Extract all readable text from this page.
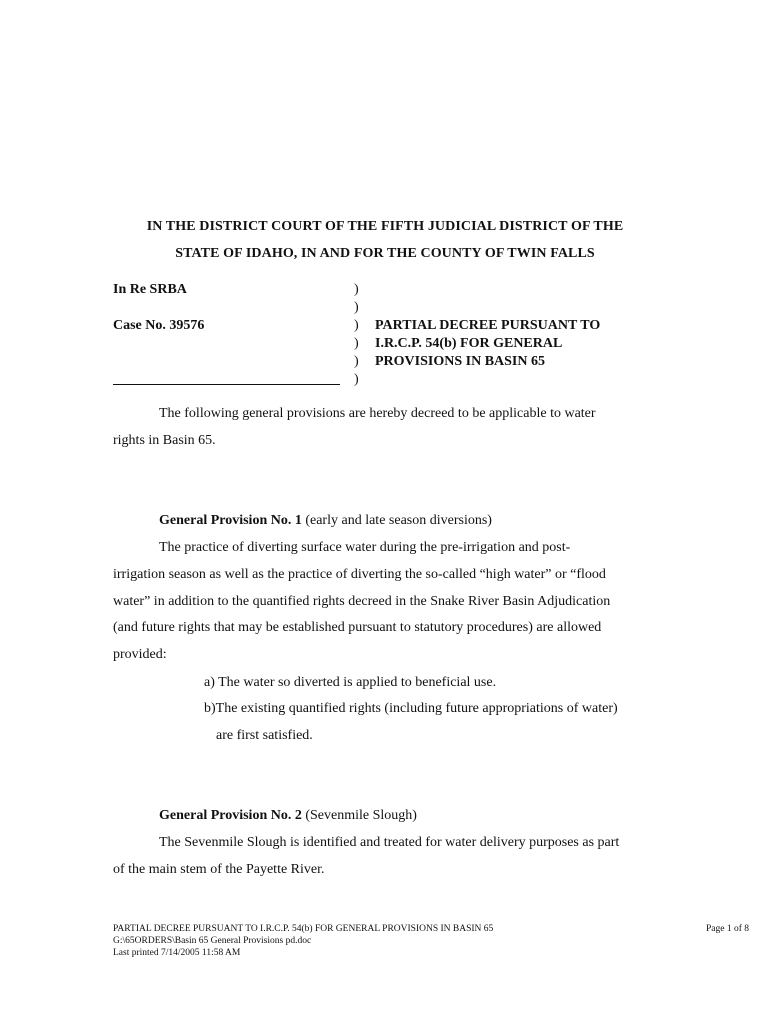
IN THE DISTRICT COURT OF THE FIFTH JUDICIAL DISTRICT OF THE
STATE OF IDAHO, IN AND FOR THE COUNTY OF TWIN FALLS
In Re SRBA
Case No. 39576
)
)
)
)
)
)
PARTIAL DECREE PURSUANT TO
I.R.C.P. 54(b) FOR GENERAL
PROVISIONS IN BASIN 65
The following general provisions are hereby decreed to be applicable to water
rights in Basin 65.
General Provision No. 1 (early and late season diversions)
The practice of diverting surface water during the pre-irrigation and post-
irrigation season as well as the practice of diverting the so-called “high water” or “flood
water” in addition to the quantified rights decreed in the Snake River Basin Adjudication
(and future rights that may be established pursuant to statutory procedures) are allowed
provided:
a) The water so diverted is applied to beneficial use.
b)The existing quantified rights (including future appropriations of water)
are first satisfied.
General Provision No. 2 (Sevenmile Slough)
The Sevenmile Slough is identified and treated for water delivery purposes as part
of the main stem of the Payette River.
PARTIAL DECREE PURSUANT TO I.R.C.P. 54(b) FOR GENERAL PROVISIONS IN BASIN 65
G:\65ORDERS\Basin 65 General Provisions pd.doc
Last printed 7/14/2005 11:58 AM
Page 1 of 8
